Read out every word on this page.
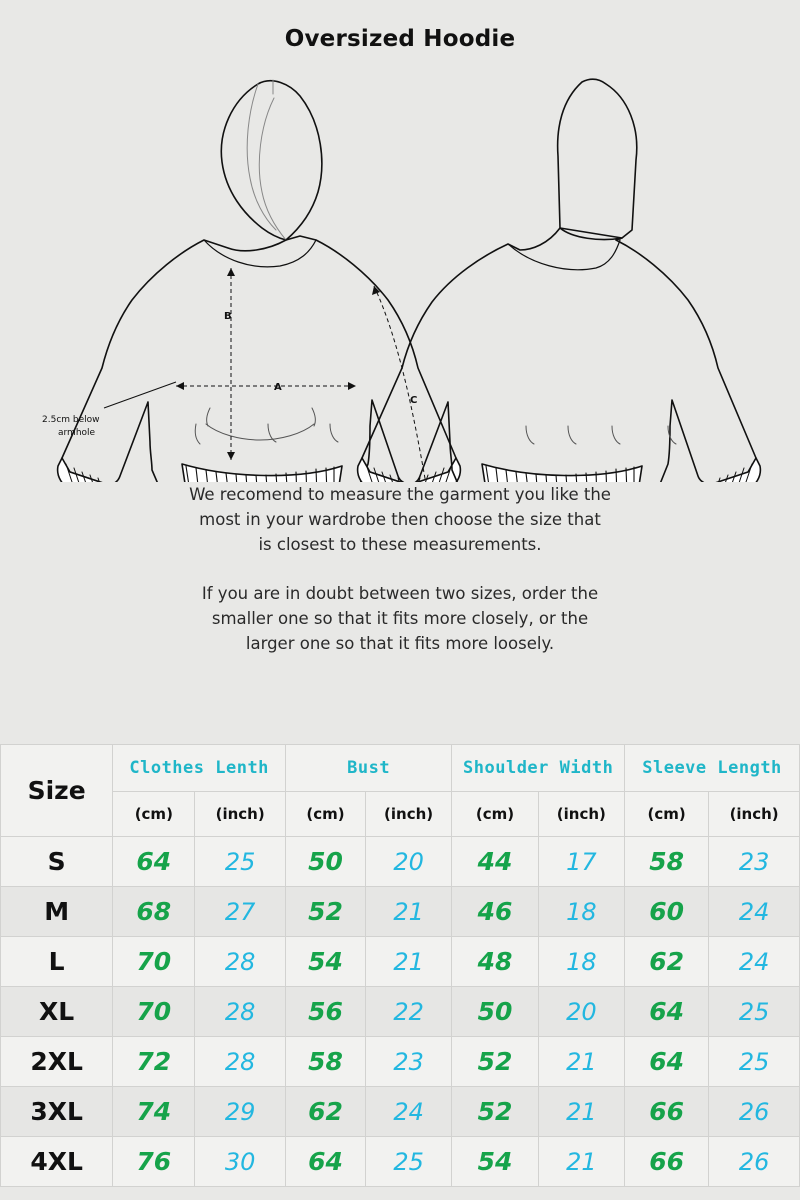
Oversized Hoodie
A
B
C
2.5cm below
armhole

We recomend to measure the garment you like the

most in your wardrobe then choose the size that

is closest to these measurements.

If you are in doubt between two sizes, order the

smaller one so that it fits more closely, or the

larger one so that it fits more loosely.

Size	Clothes Lenth		Bust		Shoulder Width		Sleeve Length	
	(cm)	(inch)	(cm)	(inch)	(cm)	(inch)	(cm)	(inch)
S	64	25	50	20	44	17	58	23
M	68	27	52	21	46	18	60	24
L	70	28	54	21	48	18	62	24
XL	70	28	56	22	50	20	64	25
2XL	72	28	58	23	52	21	64	25
3XL	74	29	62	24	52	21	66	26
4XL	76	30	64	25	54	21	66	26
